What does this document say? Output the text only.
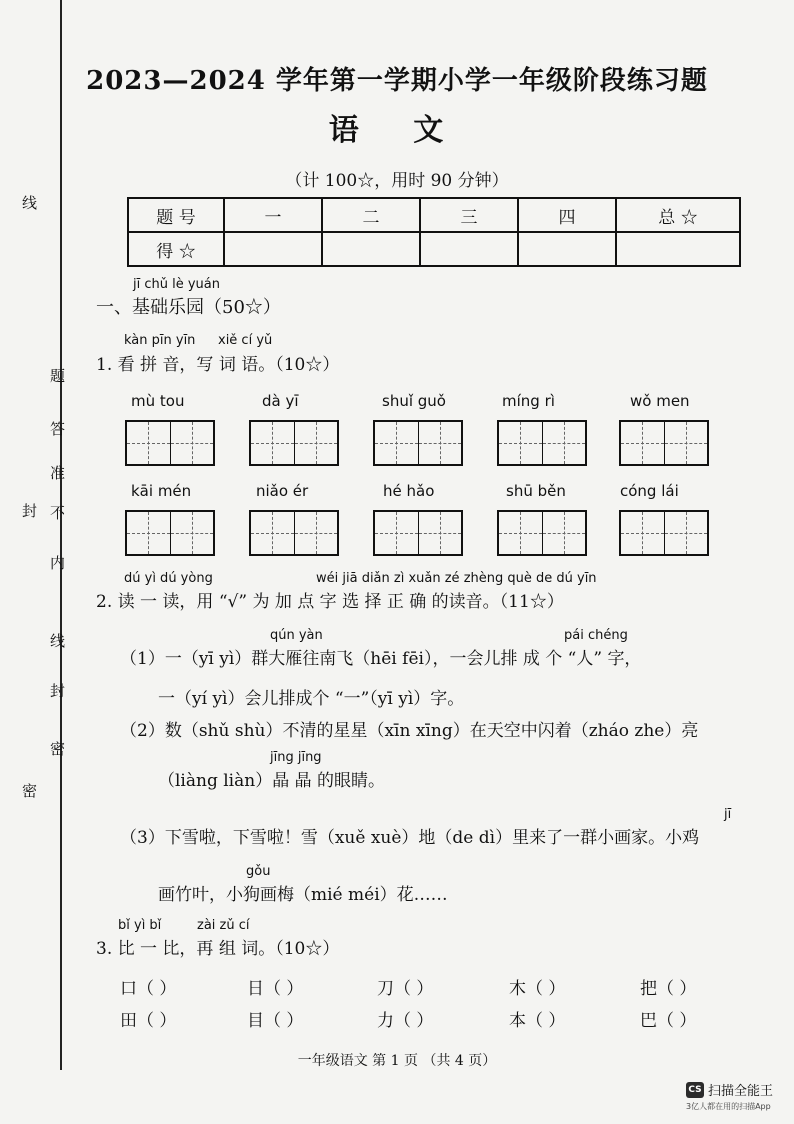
线
题
答
准
不
内
线
封
密
封
密
2023—2024 学年第一学期小学一年级阶段练习题
语 文
（计 100☆，用时 90 分钟）
题 号	一	二	三	四	总 ☆
得 ☆					
jī chǔ lè yuán
一、基础乐园（50☆）
kàn pīn yīn xiě cí yǔ
1. 看 拼 音，写 词 语。（10☆）
mù tou	dà yī	shuǐ guǒ	míng rì	wǒ men
kāi mén	niǎo ér	hé hǎo	shū běn	cóng lái
dú yì dú yòng	wéi jiā diǎn zì xuǎn zé zhèng què de dú yīn
2. 读 一 读，用 “√” 为 加 点 字 选 择 正 确 的读音。（11☆）
qún yàn	pái chéng
（1）一（yī yì）群大雁往南飞（hēi fēi），一会儿排 成 个 “人” 字，
一（yí yì）会儿排成个 “一”（yī yì）字。
（2）数（shǔ shù）不清的星星（xīn xīng）在天空中闪着（zháo zhe）亮
jīng jīng
（liàng liàn）晶 晶 的眼睛。
jī
（3）下雪啦，下雪啦！雪（xuě xuè）地（de dì）里来了一群小画家。小鸡
gǒu
画竹叶，小狗画梅（mié méi）花……
bǐ yì bǐ	zài zǔ cí
3. 比 一 比，再 组 词。（10☆）
口（ ）	日（ ）	刀（ ）	木（ ）	把（ ）
田（ ）	目（ ）	力（ ）	本（ ）	巴（ ）
一年级语文 第 1 页 （共 4 页）
CS 扫描全能王
3亿人都在用的扫描App
